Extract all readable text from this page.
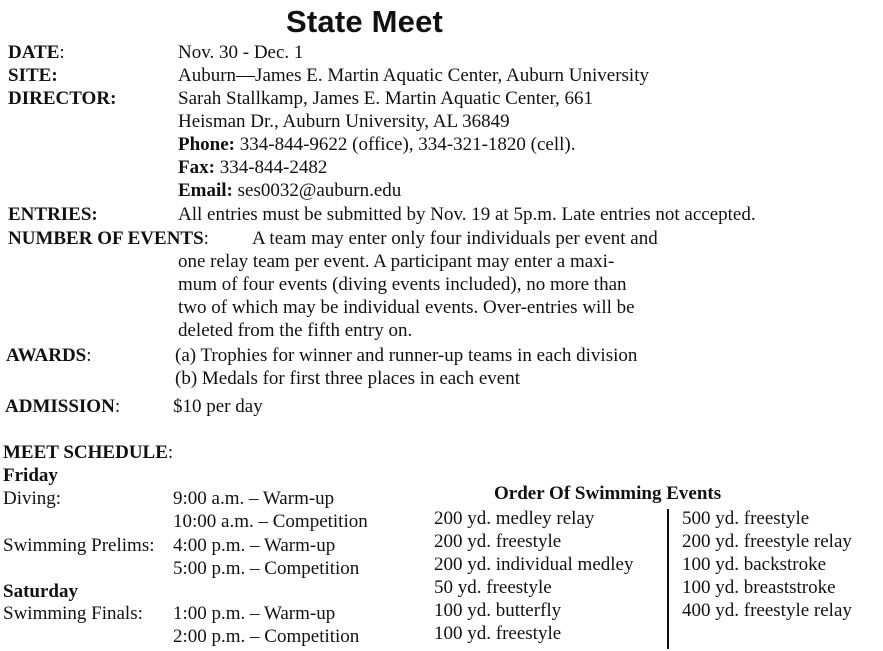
State Meet
DATE:	Nov. 30 - Dec. 1
SITE:	Auburn—James E. Martin Aquatic Center, Auburn University
DIRECTOR:	Sarah Stallkamp, James E. Martin Aquatic Center, 661
Heisman Dr., Auburn University, AL 36849
Phone: 334-844-9622 (office), 334-321-1820 (cell).
Fax: 334-844-2482
Email: ses0032@auburn.edu
ENTRIES:	All entries must be submitted by Nov. 19 at 5p.m. Late entries not accepted.
NUMBER OF EVENTS: A team may enter only four individuals per event and
one relay team per event. A participant may enter a maxi-
mum of four events (diving events included), no more than
two of which may be individual events. Over-entries will be
deleted from the fifth entry on.
AWARDS:	(a) Trophies for winner and runner-up teams in each division
(b) Medals for first three places in each event
ADMISSION:	$10 per day
MEET SCHEDULE:
Friday
Diving:	9:00 a.m. – Warm-up
10:00 a.m. – Competition
Swimming Prelims: 4:00 p.m. – Warm-up
5:00 p.m. – Competition
Saturday
Swimming Finals: 1:00 p.m. – Warm-up
2:00 p.m. – Competition
Order Of Swimming Events
200 yd. medley relay
200 yd. freestyle
200 yd. individual medley
50 yd. freestyle
100 yd. butterfly
100 yd. freestyle
500 yd. freestyle
200 yd. freestyle relay
100 yd. backstroke
100 yd. breaststroke
400 yd. freestyle relay
